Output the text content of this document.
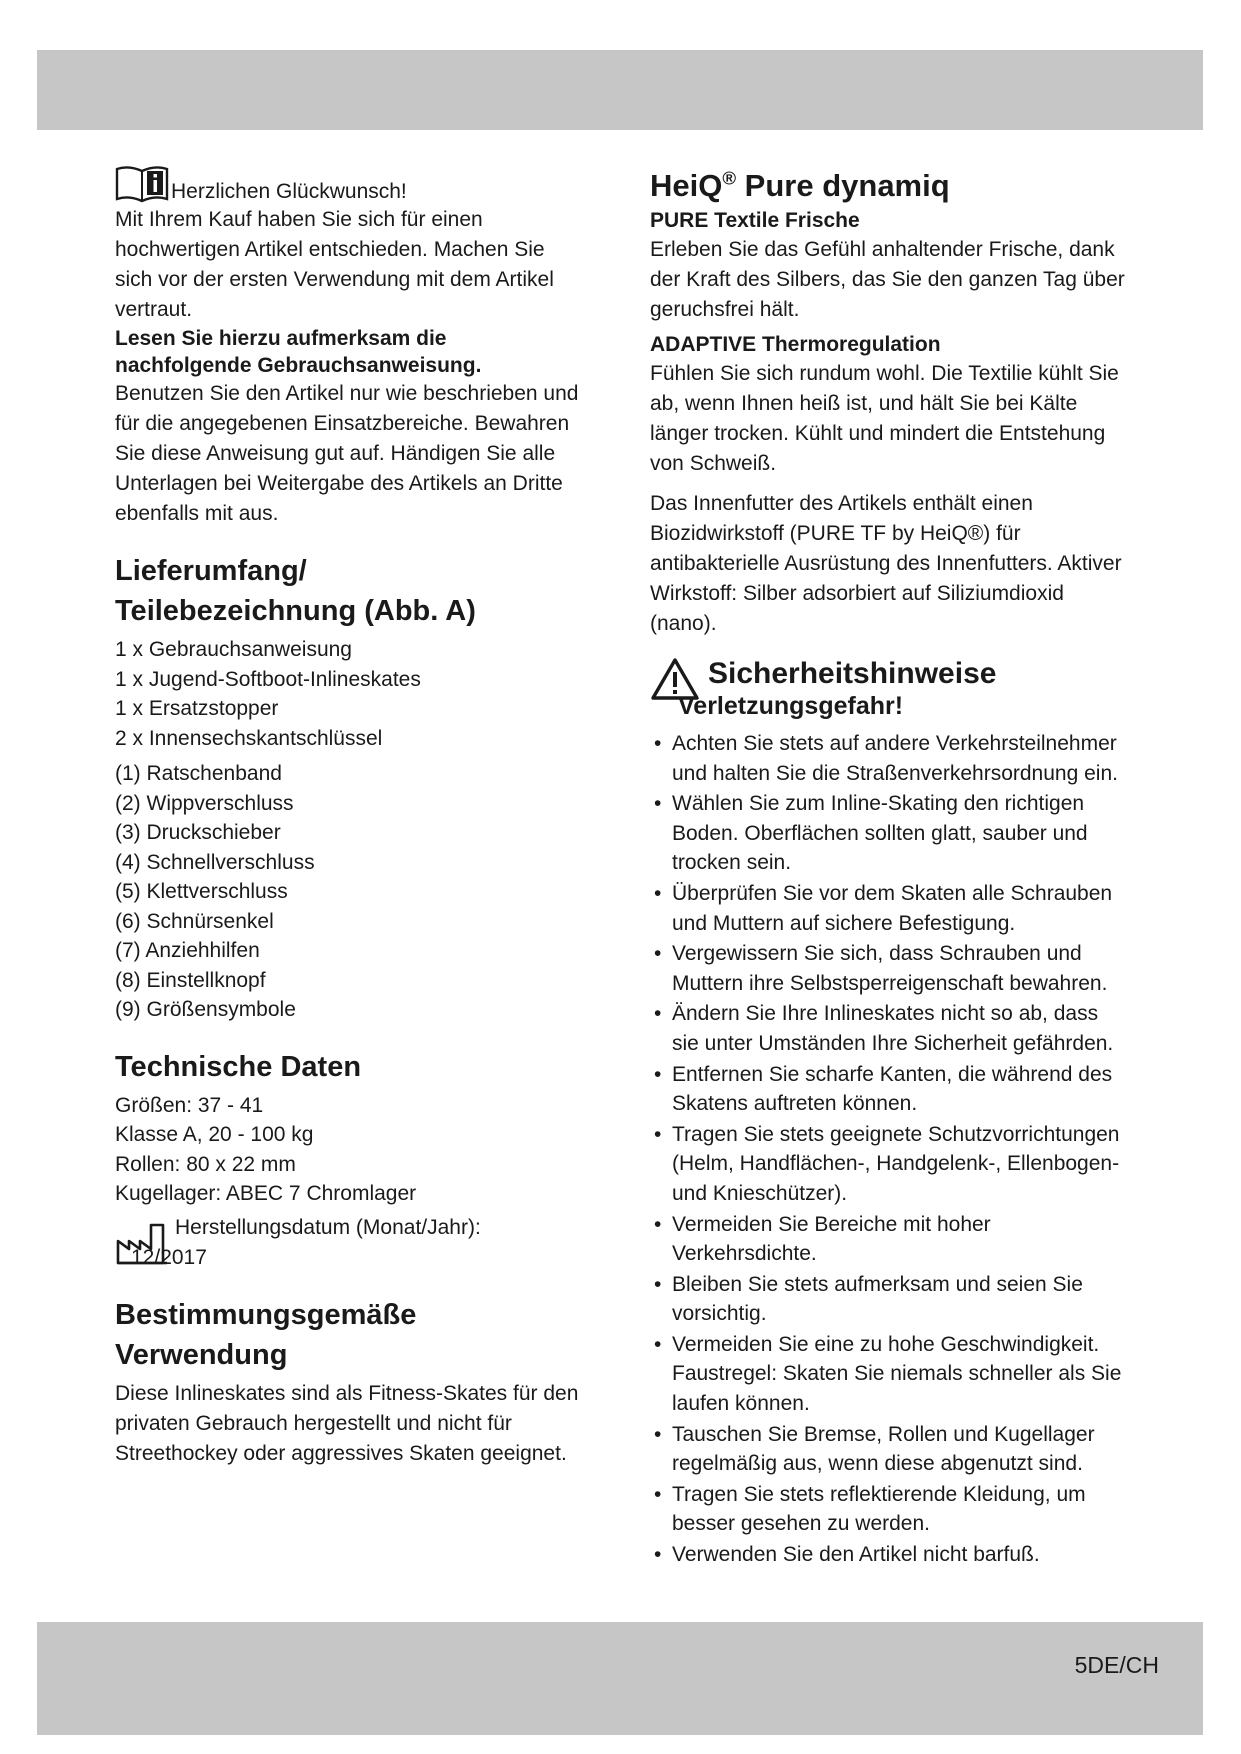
Herzlichen Glückwunsch!

Mit Ihrem Kauf haben Sie sich für einen hochwertigen Artikel entschieden. Machen Sie sich vor der ersten Verwendung mit dem Artikel vertraut.

Lesen Sie hierzu aufmerksam die nachfolgende Gebrauchsanweisung.

Benutzen Sie den Artikel nur wie beschrieben und für die angegebenen Einsatzbereiche. Bewahren Sie diese Anweisung gut auf. Händigen Sie alle Unterlagen bei Weitergabe des Artikels an Dritte ebenfalls mit aus.

Lieferumfang/
Teilebezeichnung (Abb. A)
1 x Gebrauchsanweisung
1 x Jugend-Softboot-Inlineskates
1 x Ersatzstopper
2 x Innensechskantschlüssel
(1) Ratschenband
(2) Wippverschluss
(3) Druckschieber
(4) Schnellverschluss
(5) Klettverschluss
(6) Schnürsenkel
(7) Anziehhilfen
(8) Einstellknopf
(9) Größensymbole
Technische Daten
Größen: 37 - 41
Klasse A, 20 - 100 kg
Rollen: 80 x 22 mm
Kugellager: ABEC 7 Chromlager
Herstellungsdatum (Monat/Jahr):
12/2017
Bestimmungsgemäße
Verwendung

Diese Inlineskates sind als Fitness-Skates für den privaten Gebrauch hergestellt und nicht für Streethockey oder aggressives Skaten geeignet.

HeiQ® Pure dynamiq
PURE Textile Frische

Erleben Sie das Gefühl anhaltender Frische, dank der Kraft des Silbers, das Sie den ganzen Tag über geruchsfrei hält.

ADAPTIVE Thermoregulation

Fühlen Sie sich rundum wohl. Die Textilie kühlt Sie ab, wenn Ihnen heiß ist, und hält Sie bei Kälte länger trocken. Kühlt und mindert die Entstehung von Schweiß.

Das Innenfutter des Artikels enthält einen Biozidwirkstoff (PURE TF by HeiQ®) für antibakterielle Ausrüstung des Innenfutters. Aktiver Wirkstoff: Silber adsorbiert auf Siliziumdioxid (nano).

Sicherheitshinweise
Verletzungsgefahr!
• Achten Sie stets auf andere Verkehrsteilnehmer und halten Sie die Straßenverkehrsordnung ein.
• Wählen Sie zum Inline-Skating den richtigen Boden. Oberflächen sollten glatt, sauber und trocken sein.
• Überprüfen Sie vor dem Skaten alle Schrauben und Muttern auf sichere Befestigung.
• Vergewissern Sie sich, dass Schrauben und Muttern ihre Selbstsperreigenschaft bewahren.
• Ändern Sie Ihre Inlineskates nicht so ab, dass sie unter Umständen Ihre Sicherheit gefährden.
• Entfernen Sie scharfe Kanten, die während des Skatens auftreten können.
• Tragen Sie stets geeignete Schutzvorrichtungen (Helm, Handflächen-, Handgelenk-, Ellenbogen- und Knieschützer).
• Vermeiden Sie Bereiche mit hoher Verkehrsdichte.
• Bleiben Sie stets aufmerksam und seien Sie vorsichtig.
• Vermeiden Sie eine zu hohe Geschwindigkeit. Faustregel: Skaten Sie niemals schneller als Sie laufen können.
• Tauschen Sie Bremse, Rollen und Kugellager regelmäßig aus, wenn diese abgenutzt sind.
• Tragen Sie stets reflektierende Kleidung, um besser gesehen zu werden.
• Verwenden Sie den Artikel nicht barfuß.
5DE/CH
